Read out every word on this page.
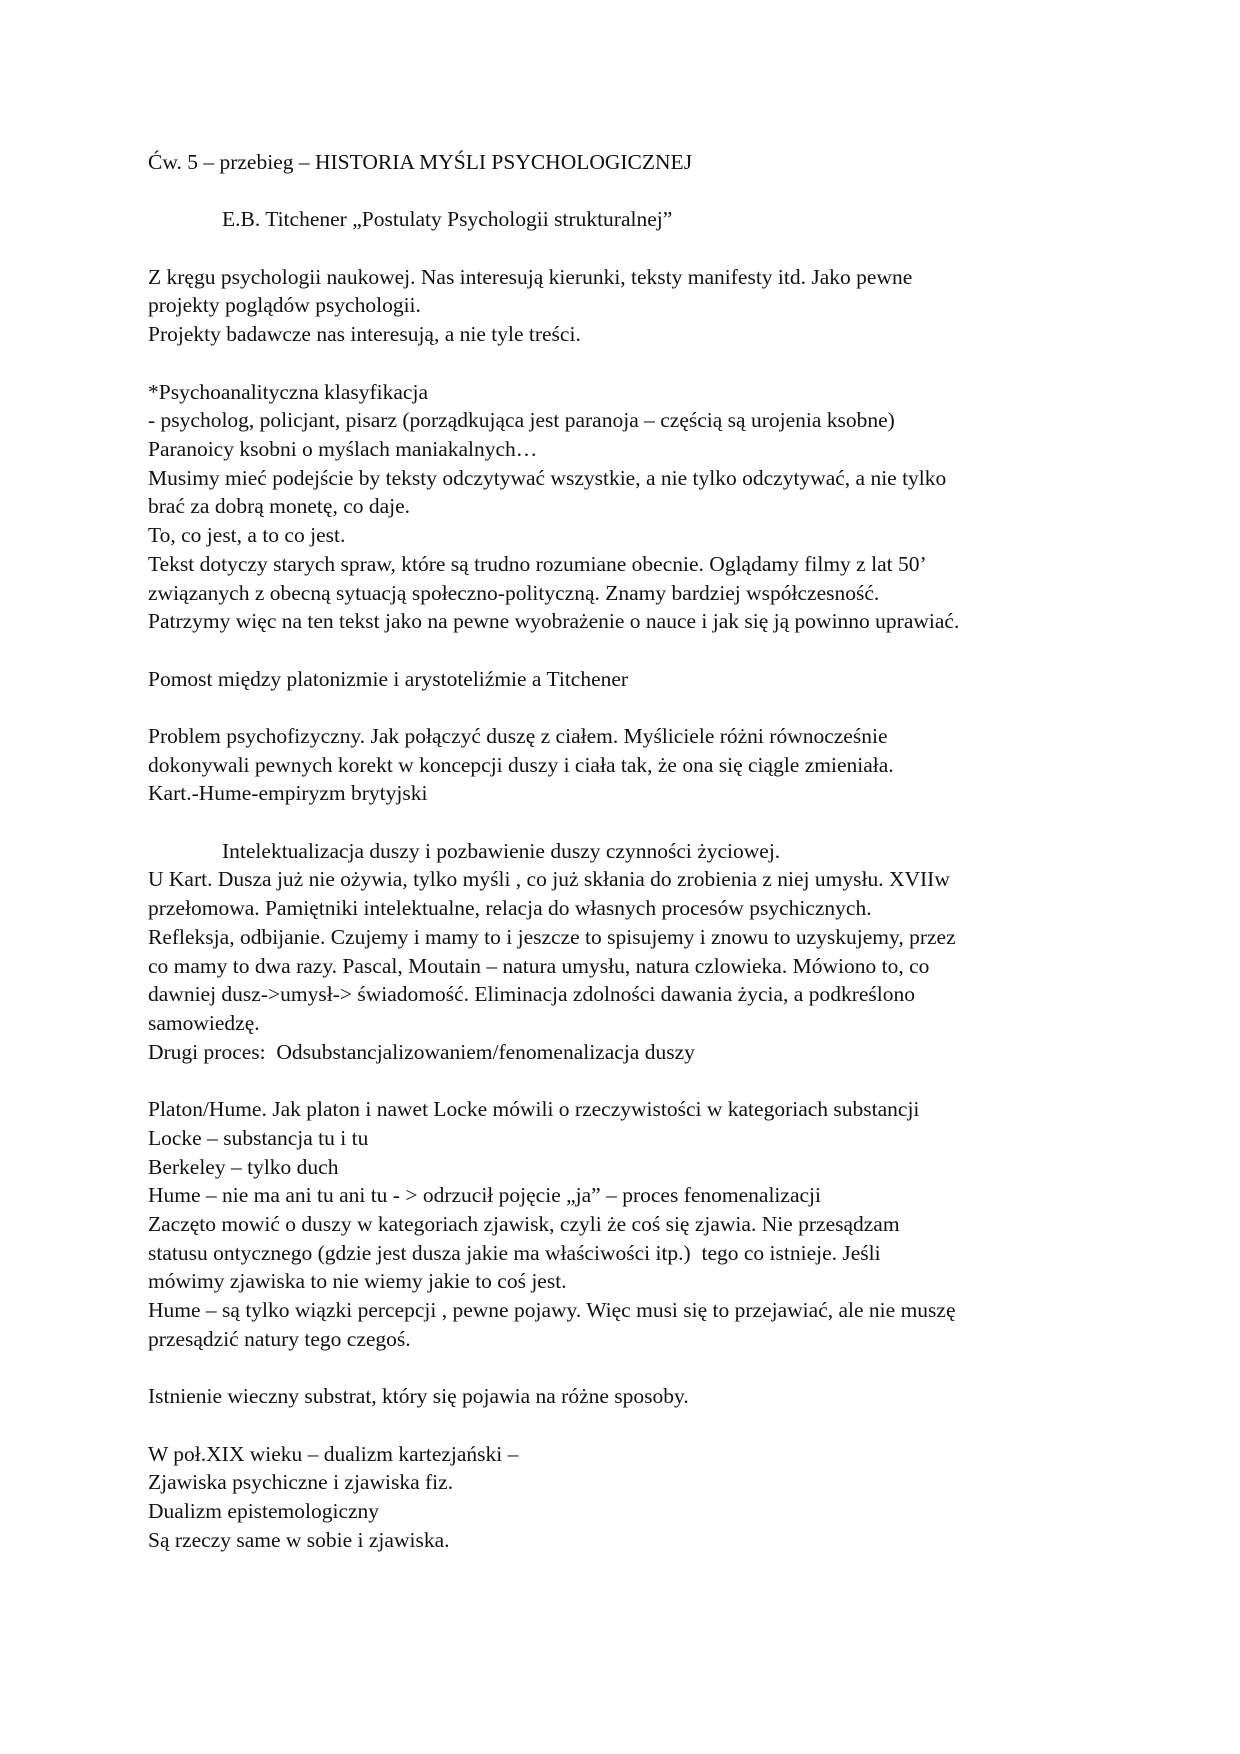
Ćw. 5 – przebieg – HISTORIA MYŚLI PSYCHOLOGICZNEJ
E.B. Titchener „Postulaty Psychologii strukturalnej”
Z kręgu psychologii naukowej. Nas interesują kierunki, teksty manifesty itd. Jako pewne
projekty poglądów psychologii.
Projekty badawcze nas interesują, a nie tyle treści.
*Psychoanalityczna klasyfikacja
- psycholog, policjant, pisarz (porządkująca jest paranoja – częścią są urojenia ksobne)
Paranoicy ksobni o myślach maniakalnych…
Musimy mieć podejście by teksty odczytywać wszystkie, a nie tylko odczytywać, a nie tylko
brać za dobrą monetę, co daje.
To, co jest, a to co jest.
Tekst dotyczy starych spraw, które są trudno rozumiane obecnie. Oglądamy filmy z lat 50’
związanych z obecną sytuacją społeczno-polityczną. Znamy bardziej współczesność.
Patrzymy więc na ten tekst jako na pewne wyobrażenie o nauce i jak się ją powinno uprawiać.
Pomost między platonizmie i arystoteliźmie a Titchener
Problem psychofizyczny. Jak połączyć duszę z ciałem. Myśliciele różni równocześnie
dokonywali pewnych korekt w koncepcji duszy i ciała tak, że ona się ciągle zmieniała.
Kart.-Hume-empiryzm brytyjski
Intelektualizacja duszy i pozbawienie duszy czynności życiowej.
U Kart. Dusza już nie ożywia, tylko myśli , co już skłania do zrobienia z niej umysłu. XVIIw
przełomowa. Pamiętniki intelektualne, relacja do własnych procesów psychicznych.
Refleksja, odbijanie. Czujemy i mamy to i jeszcze to spisujemy i znowu to uzyskujemy, przez
co mamy to dwa razy. Pascal, Moutain – natura umysłu, natura czlowieka. Mówiono to, co
dawniej dusz->umysł-> świadomość. Eliminacja zdolności dawania życia, a podkreślono
samowiedzę.
Drugi proces:  Odsubstancjalizowaniem/fenomenalizacja duszy
Platon/Hume. Jak platon i nawet Locke mówili o rzeczywistości w kategoriach substancji
Locke – substancja tu i tu
Berkeley – tylko duch
Hume – nie ma ani tu ani tu - > odrzucił pojęcie „ja” – proces fenomenalizacji
Zaczęto mowić o duszy w kategoriach zjawisk, czyli że coś się zjawia. Nie przesądzam
statusu ontycznego (gdzie jest dusza jakie ma właściwości itp.)  tego co istnieje. Jeśli
mówimy zjawiska to nie wiemy jakie to coś jest.
Hume – są tylko wiązki percepcji , pewne pojawy. Więc musi się to przejawiać, ale nie muszę
przesądzić natury tego czegoś.
Istnienie wieczny substrat, który się pojawia na różne sposoby.
W poł.XIX wieku – dualizm kartezjański –
Zjawiska psychiczne i zjawiska fiz.
Dualizm epistemologiczny
Są rzeczy same w sobie i zjawiska.
